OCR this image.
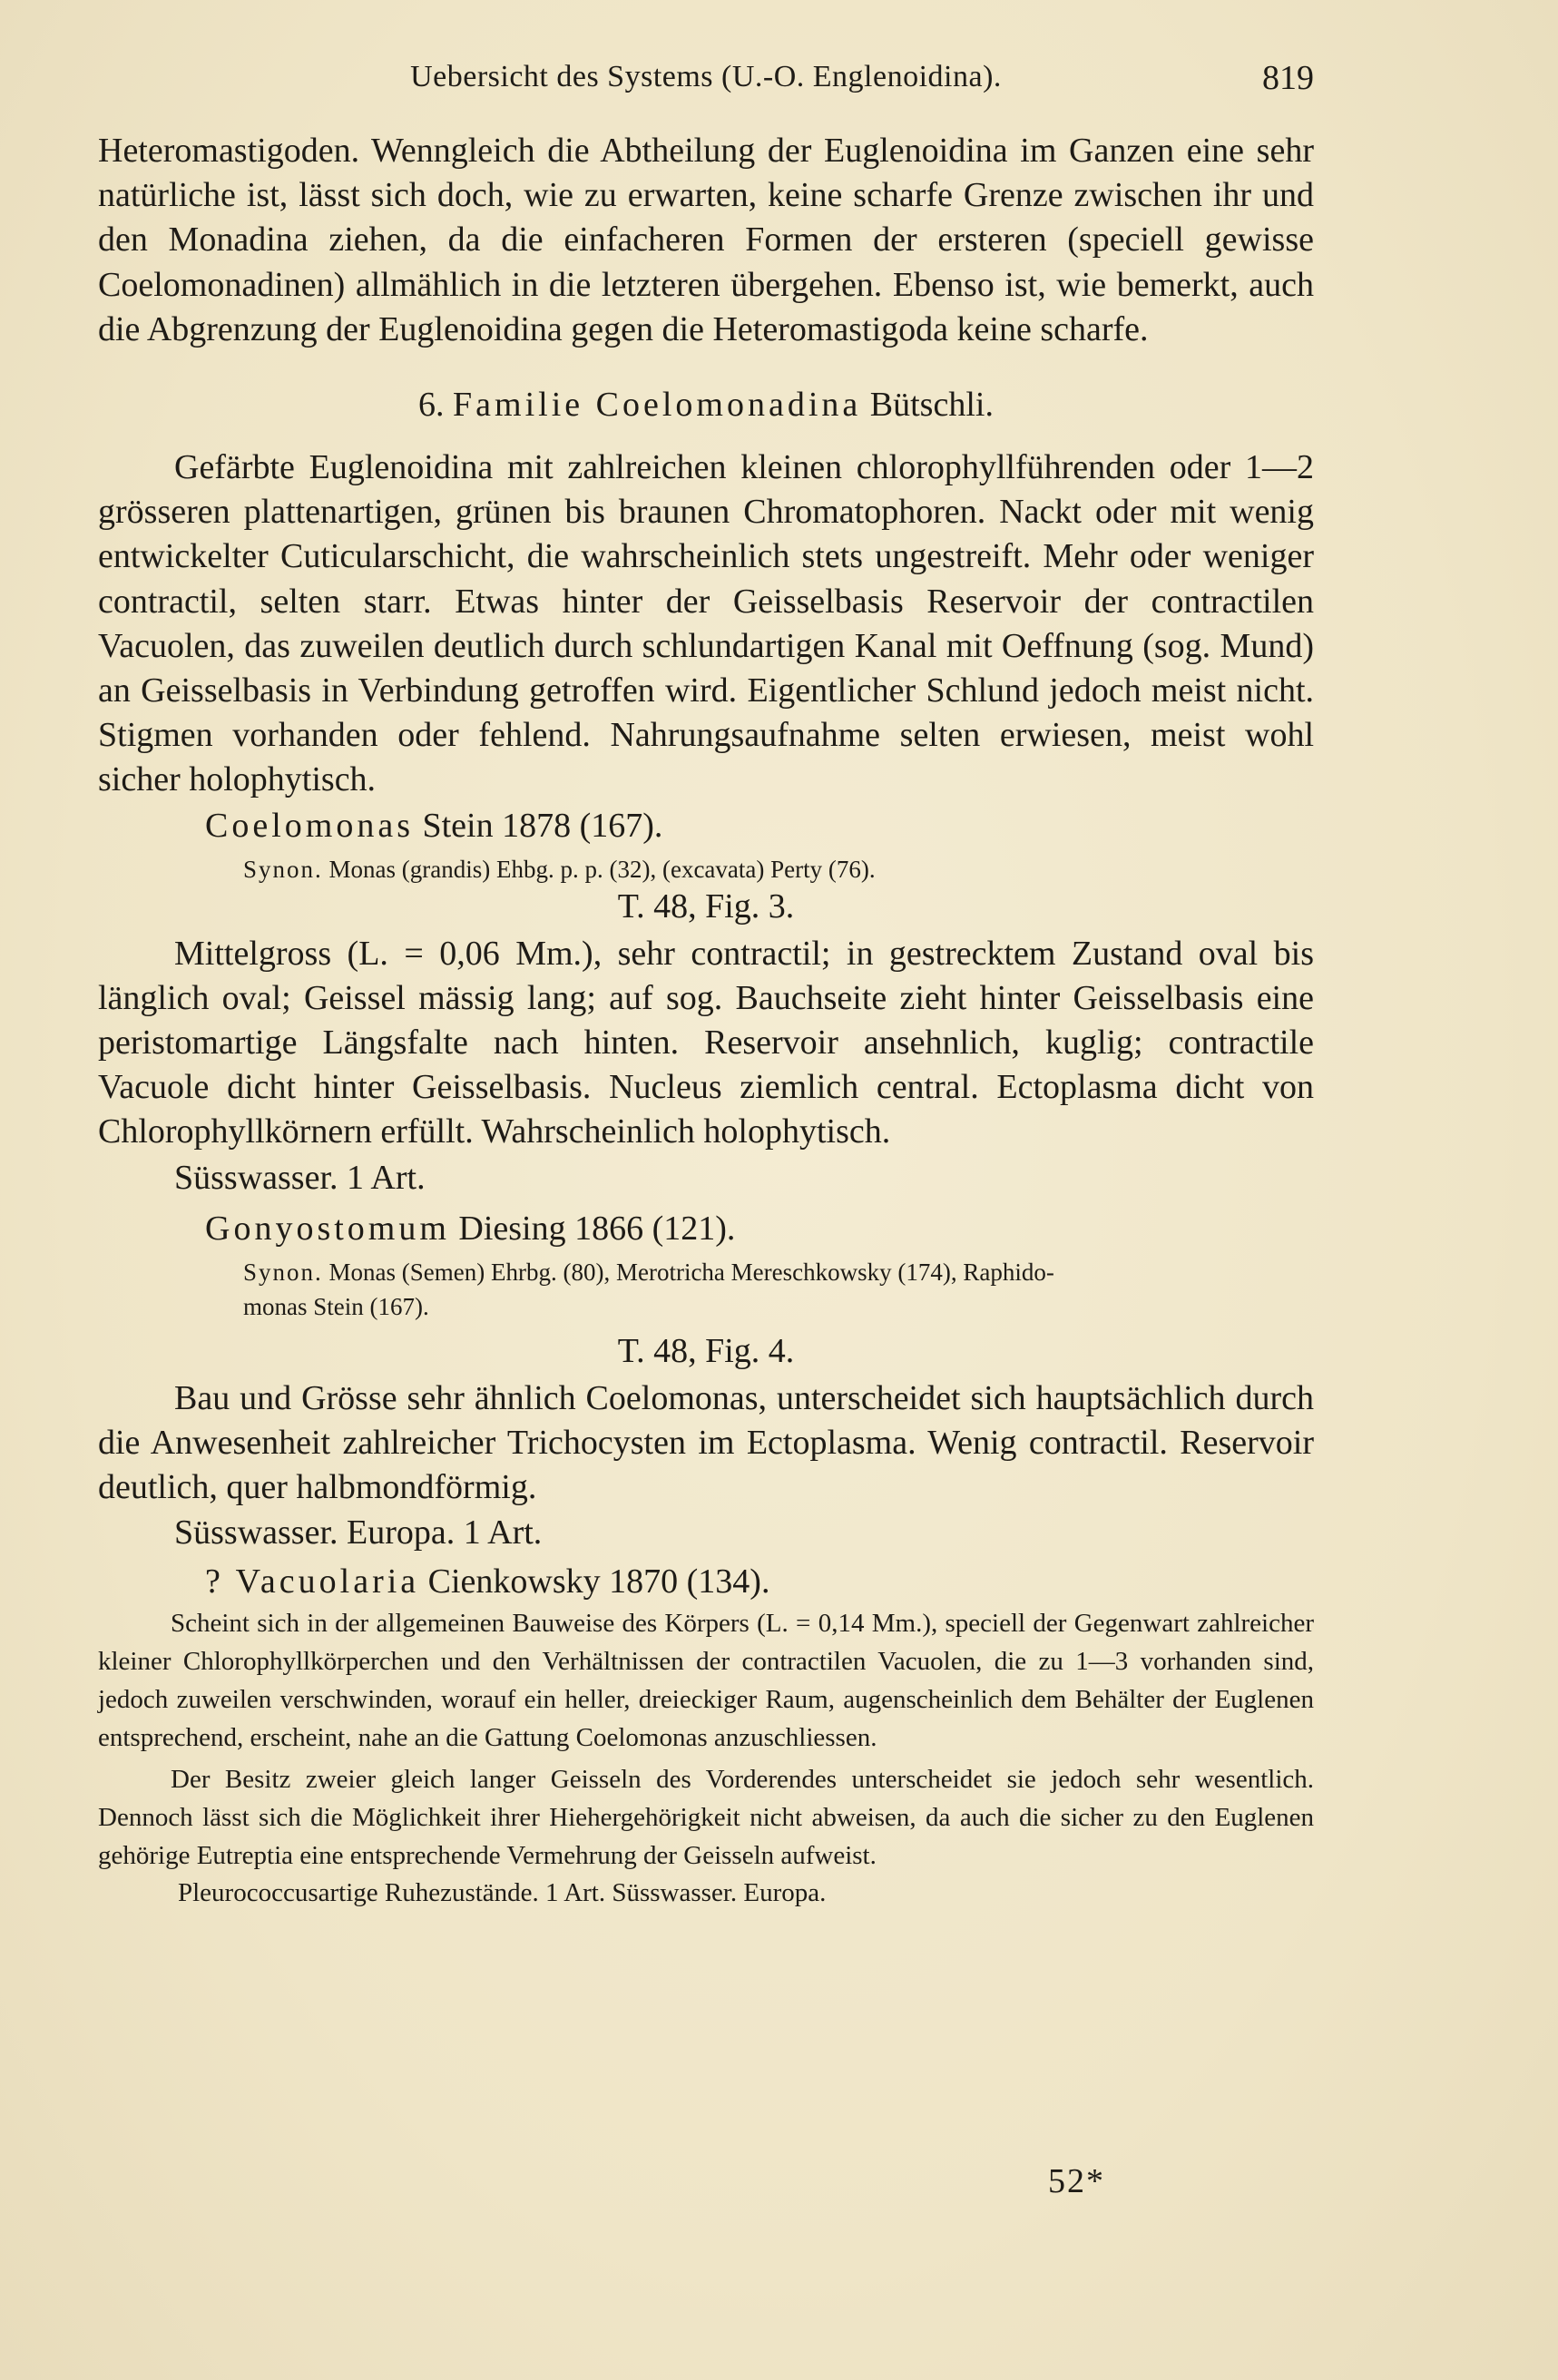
Uebersicht des Systems (U.-O. Englenoidina).	819

Heteromastigoden. Wenngleich die Abtheilung der Euglenoidina im Ganzen eine sehr natürliche ist, lässt sich doch, wie zu erwarten, keine scharfe Grenze zwischen ihr und den Monadina ziehen, da die einfacheren Formen der ersteren (speciell gewisse Coelomonadinen) allmählich in die letzteren übergehen. Ebenso ist, wie bemerkt, auch die Abgrenzung der Euglenoidina gegen die Heteromastigoda keine scharfe.

6. Familie Coelomonadina Bütschli.

Gefärbte Euglenoidina mit zahlreichen kleinen chlorophyllführenden oder 1—2 grösseren plattenartigen, grünen bis braunen Chromatophoren. Nackt oder mit wenig entwickelter Cuticularschicht, die wahrscheinlich stets ungestreift. Mehr oder weniger contractil, selten starr. Etwas hinter der Geisselbasis Reservoir der contractilen Vacuolen, das zuweilen deutlich durch schlundartigen Kanal mit Oeffnung (sog. Mund) an Geisselbasis in Verbindung getroffen wird. Eigentlicher Schlund jedoch meist nicht. Stigmen vorhanden oder fehlend. Nahrungsaufnahme selten erwiesen, meist wohl sicher holophytisch.

Coelomonas Stein 1878 (167).

Synon. Monas (grandis) Ehbg. p. p. (32), (excavata) Perty (76).

T. 48, Fig. 3.

Mittelgross (L. = 0,06 Mm.), sehr contractil; in gestrecktem Zustand oval bis länglich oval; Geissel mässig lang; auf sog. Bauchseite zieht hinter Geisselbasis eine peristomartige Längsfalte nach hinten. Reservoir ansehnlich, kuglig; contractile Vacuole dicht hinter Geisselbasis. Nucleus ziemlich central. Ectoplasma dicht von Chlorophyllkörnern erfüllt. Wahrscheinlich holophytisch.

Süsswasser. 1 Art.

Gonyostomum Diesing 1866 (121).

Synon. Monas (Semen) Ehrbg. (80), Merotricha Mereschkowsky (174), Raphido-

monas Stein (167).

T. 48, Fig. 4.

Bau und Grösse sehr ähnlich Coelomonas, unterscheidet sich hauptsächlich durch die Anwesenheit zahlreicher Trichocysten im Ectoplasma. Wenig contractil. Reservoir deutlich, quer halbmondförmig.

Süsswasser. Europa. 1 Art.

? Vacuolaria Cienkowsky 1870 (134).

Scheint sich in der allgemeinen Bauweise des Körpers (L. = 0,14 Mm.), speciell der Gegenwart zahlreicher kleiner Chlorophyllkörperchen und den Verhältnissen der contractilen Vacuolen, die zu 1—3 vorhanden sind, jedoch zuweilen verschwinden, worauf ein heller, dreieckiger Raum, augenscheinlich dem Behälter der Euglenen entsprechend, erscheint, nahe an die Gattung Coelomonas anzuschliessen.

Der Besitz zweier gleich langer Geisseln des Vorderendes unterscheidet sie jedoch sehr wesentlich. Dennoch lässt sich die Möglichkeit ihrer Hiehergehörigkeit nicht abweisen, da auch die sicher zu den Euglenen gehörige Eutreptia eine entsprechende Vermehrung der Geisseln aufweist.

Pleurococcusartige Ruhezustände. 1 Art. Süsswasser. Europa.

52*
